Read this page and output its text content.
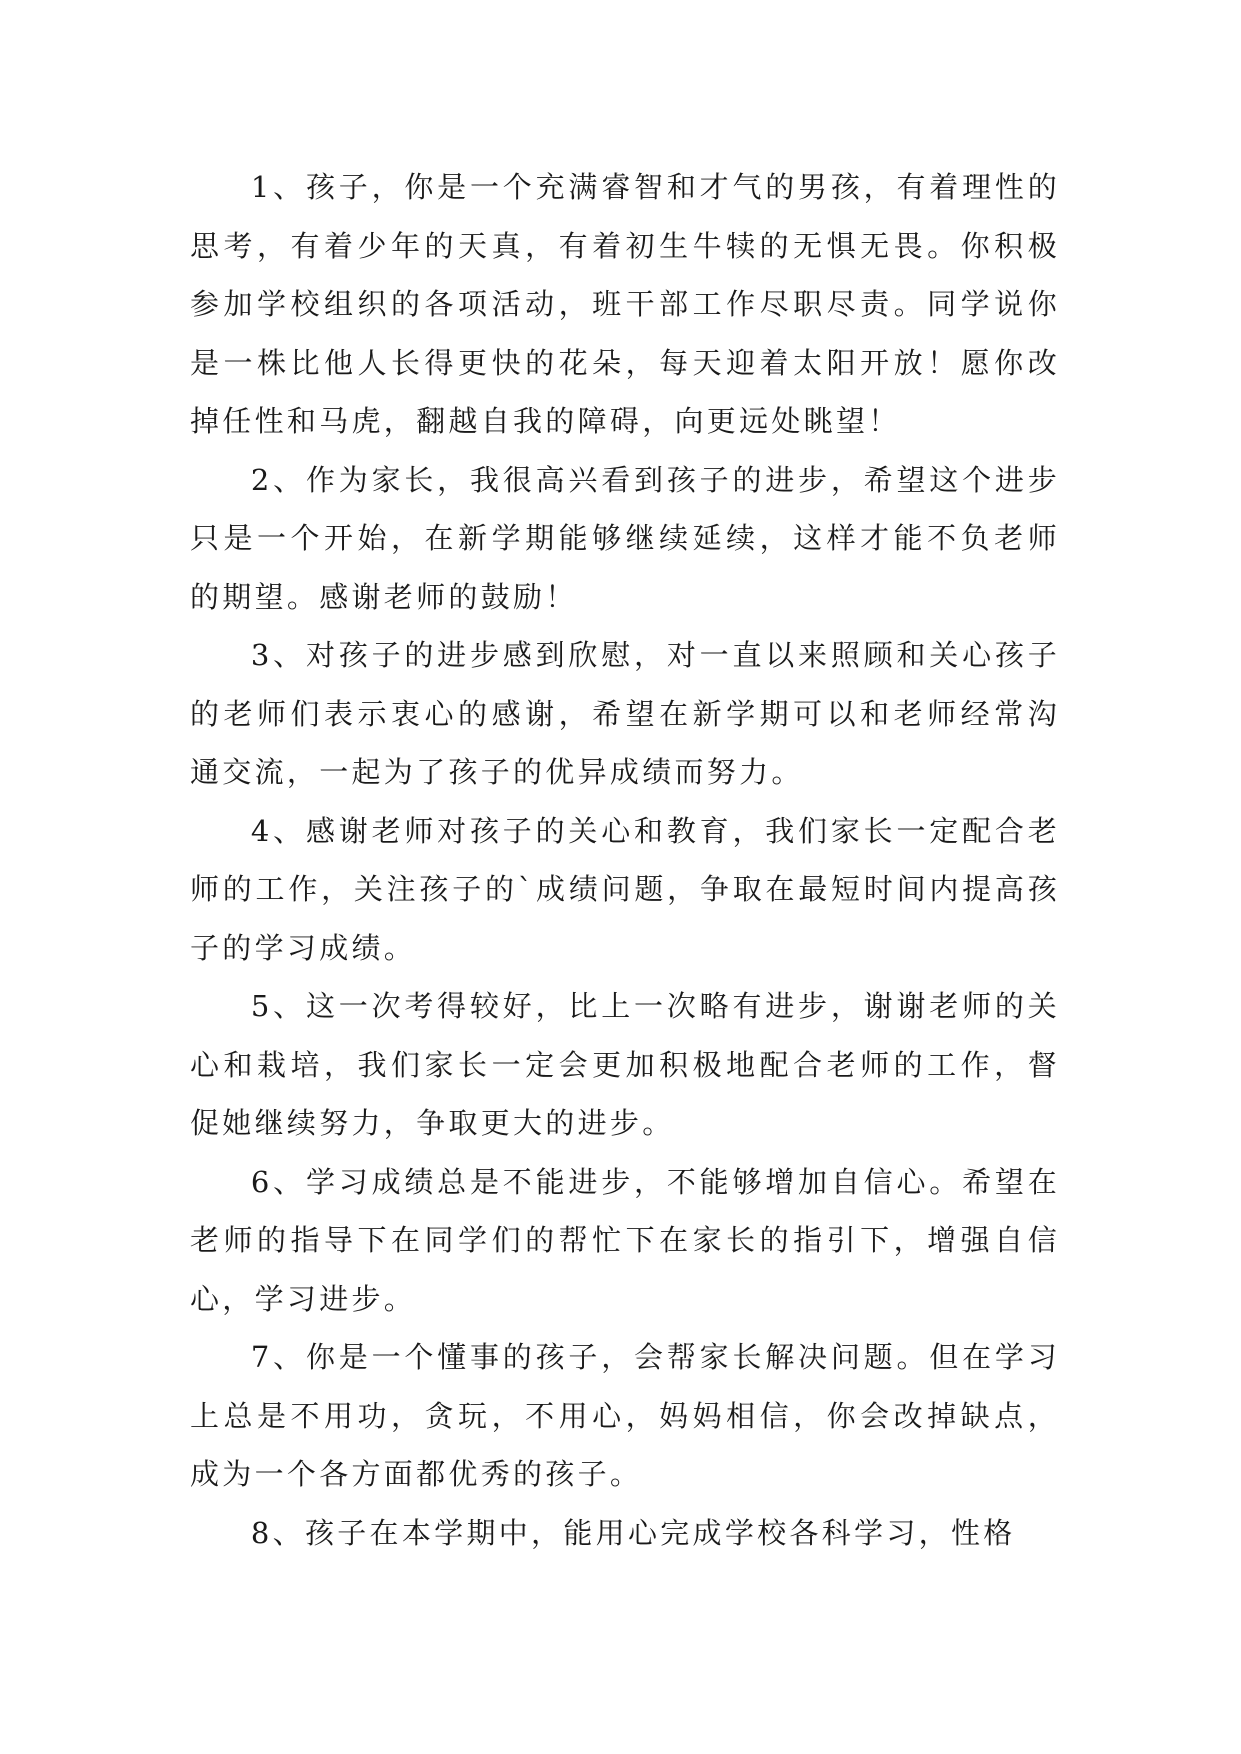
1、孩子，你是一个充满睿智和才气的男孩，有着理性的思考，有着少年的天真，有着初生牛犊的无惧无畏。你积极参加学校组织的各项活动，班干部工作尽职尽责。同学说你是一株比他人长得更快的花朵，每天迎着太阳开放！愿你改掉任性和马虎，翻越自我的障碍，向更远处眺望！

2、作为家长，我很高兴看到孩子的进步，希望这个进步只是一个开始，在新学期能够继续延续，这样才能不负老师的期望。感谢老师的鼓励！

3、对孩子的进步感到欣慰，对一直以来照顾和关心孩子的老师们表示衷心的感谢，希望在新学期可以和老师经常沟通交流，一起为了孩子的优异成绩而努力。

4、感谢老师对孩子的关心和教育，我们家长一定配合老师的工作，关注孩子的`成绩问题，争取在最短时间内提高孩子的学习成绩。

5、这一次考得较好，比上一次略有进步，谢谢老师的关心和栽培，我们家长一定会更加积极地配合老师的工作，督促她继续努力，争取更大的进步。

6、学习成绩总是不能进步，不能够增加自信心。希望在老师的指导下在同学们的帮忙下在家长的指引下，增强自信心，学习进步。

7、你是一个懂事的孩子，会帮家长解决问题。但在学习上总是不用功，贪玩，不用心，妈妈相信，你会改掉缺点，成为一个各方面都优秀的孩子。

8、孩子在本学期中，能用心完成学校各科学习，性格
